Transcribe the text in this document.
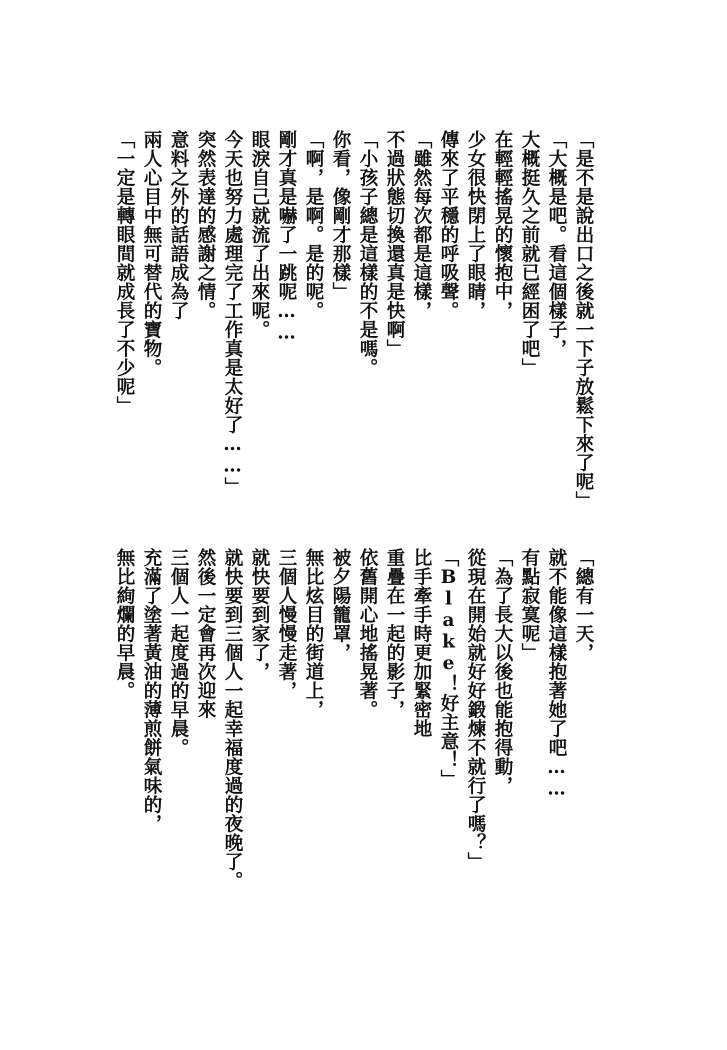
「是不是說出口之後就一下子放鬆下來了呢」
「大概是吧。看這個樣子，
大概挺久之前就已經困了吧」
在輕輕搖晃的懷抱中，
少女很快閉上了眼睛，
傳來了平穩的呼吸聲。
「雖然每次都是這樣，
不過狀態切換還真是快啊」
「小孩子總是這樣的不是嗎。
你看，像剛才那樣」
「啊，是啊。是的呢。
剛才真是嚇了一跳呢……
眼淚自己就流了出來呢。
今天也努力處理完了工作真是太好了……」
突然表達的感謝之情。
意料之外的話語成為了
兩人心目中無可替代的寶物。
「一定是轉眼間就成長了不少呢」
「總有一天，
就不能像這樣抱著她了吧……
有點寂寞呢」
「為了長大以後也能抱得動，
從現在開始就好好鍛煉不就行了嗎？」
「Blake！好主意！」
比手牽手時更加緊密地
重疊在一起的影子，
依舊開心地搖晃著。
被夕陽籠罩，
無比炫目的街道上，
三個人慢慢走著，
就快要到家了，
就快要到三個人一起幸福度過的夜晚了。
然後一定會再次迎來
三個人一起度過的早晨。
充滿了塗著黃油的薄煎餅氣味的，
無比絢爛的早晨。
